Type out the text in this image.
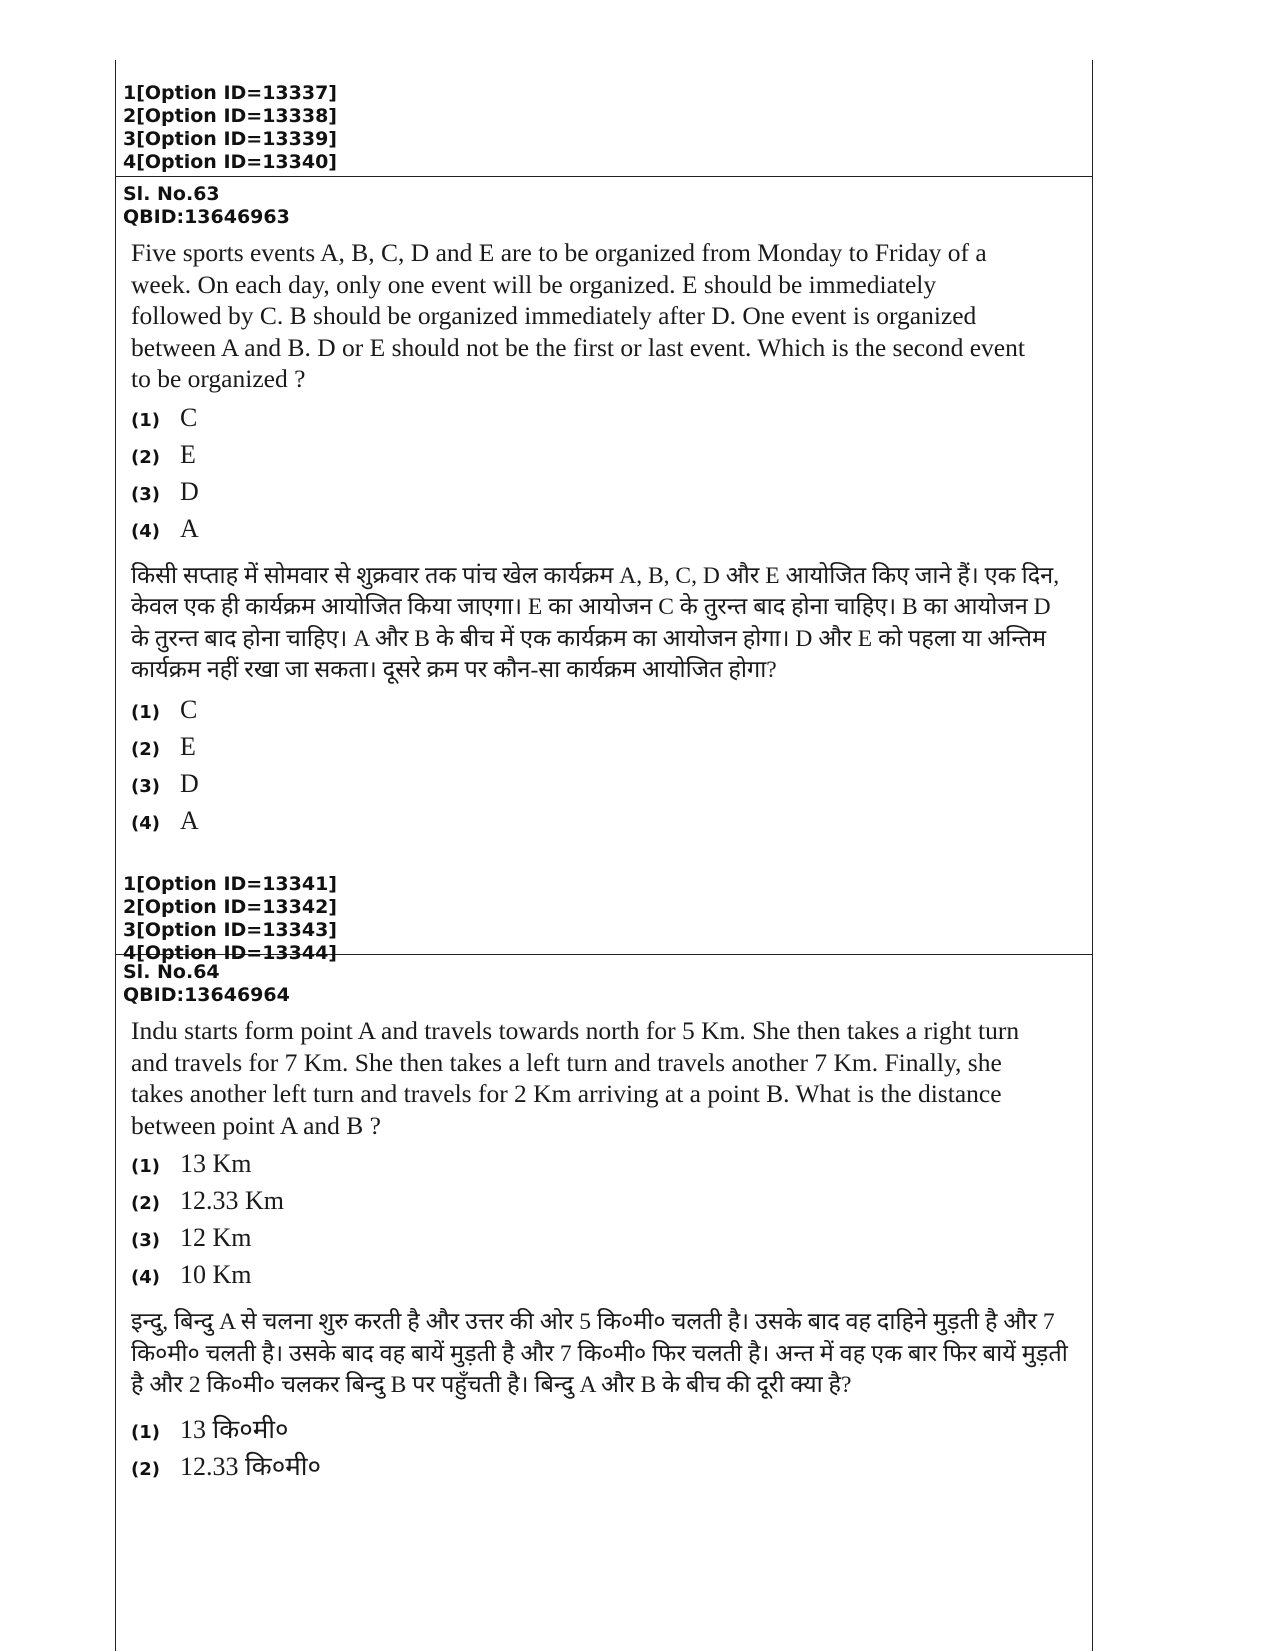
1[Option ID=13337]
2[Option ID=13338]
3[Option ID=13339]
4[Option ID=13340]
Sl. No.63
QBID:13646963
Five sports events A, B, C, D and E are to be organized from Monday to Friday of a week. On each day, only one event will be organized. E should be immediately followed by C. B should be organized immediately after D. One event is organized between A and B. D or E should not be the first or last event. Which is the second event to be organized ?
(1) C
(2) E
(3) D
(4) A
किसी सप्ताह में सोमवार से शुक्रवार तक पांच खेल कार्यक्रम A, B, C, D और E आयोजित किए जाने हैं। एक दिन, केवल एक ही कार्यक्रम आयोजित किया जाएगा। E का आयोजन C के तुरन्त बाद होना चाहिए। B का आयोजन D के तुरन्त बाद होना चाहिए। A और B के बीच में एक कार्यक्रम का आयोजन होगा। D और E को पहला या अन्तिम कार्यक्रम नहीं रखा जा सकता। दूसरे क्रम पर कौन-सा कार्यक्रम आयोजित होगा?
(1) C
(2) E
(3) D
(4) A
1[Option ID=13341]
2[Option ID=13342]
3[Option ID=13343]
4[Option ID=13344]
Sl. No.64
QBID:13646964
Indu starts form point A and travels towards north for 5 Km. She then takes a right turn and travels for 7 Km. She then takes a left turn and travels another 7 Km. Finally, she takes another left turn and travels for 2 Km arriving at a point B. What is the distance between point A and B ?
(1) 13 Km
(2) 12.33 Km
(3) 12 Km
(4) 10 Km
इन्दु, बिन्दु A से चलना शुरु करती है और उत्तर की ओर 5 कि०मी० चलती है। उसके बाद वह दाहिने मुड़ती है और 7 कि०मी० चलती है। उसके बाद वह बायें मुड़ती है और 7 कि०मी० फिर चलती है। अन्त में वह एक बार फिर बायें मुड़ती है और 2 कि०मी० चलकर बिन्दु B पर पहुँचती है। बिन्दु A और B के बीच की दूरी क्या है?
(1) 13 कि०मी०
(2) 12.33 कि०मी०
